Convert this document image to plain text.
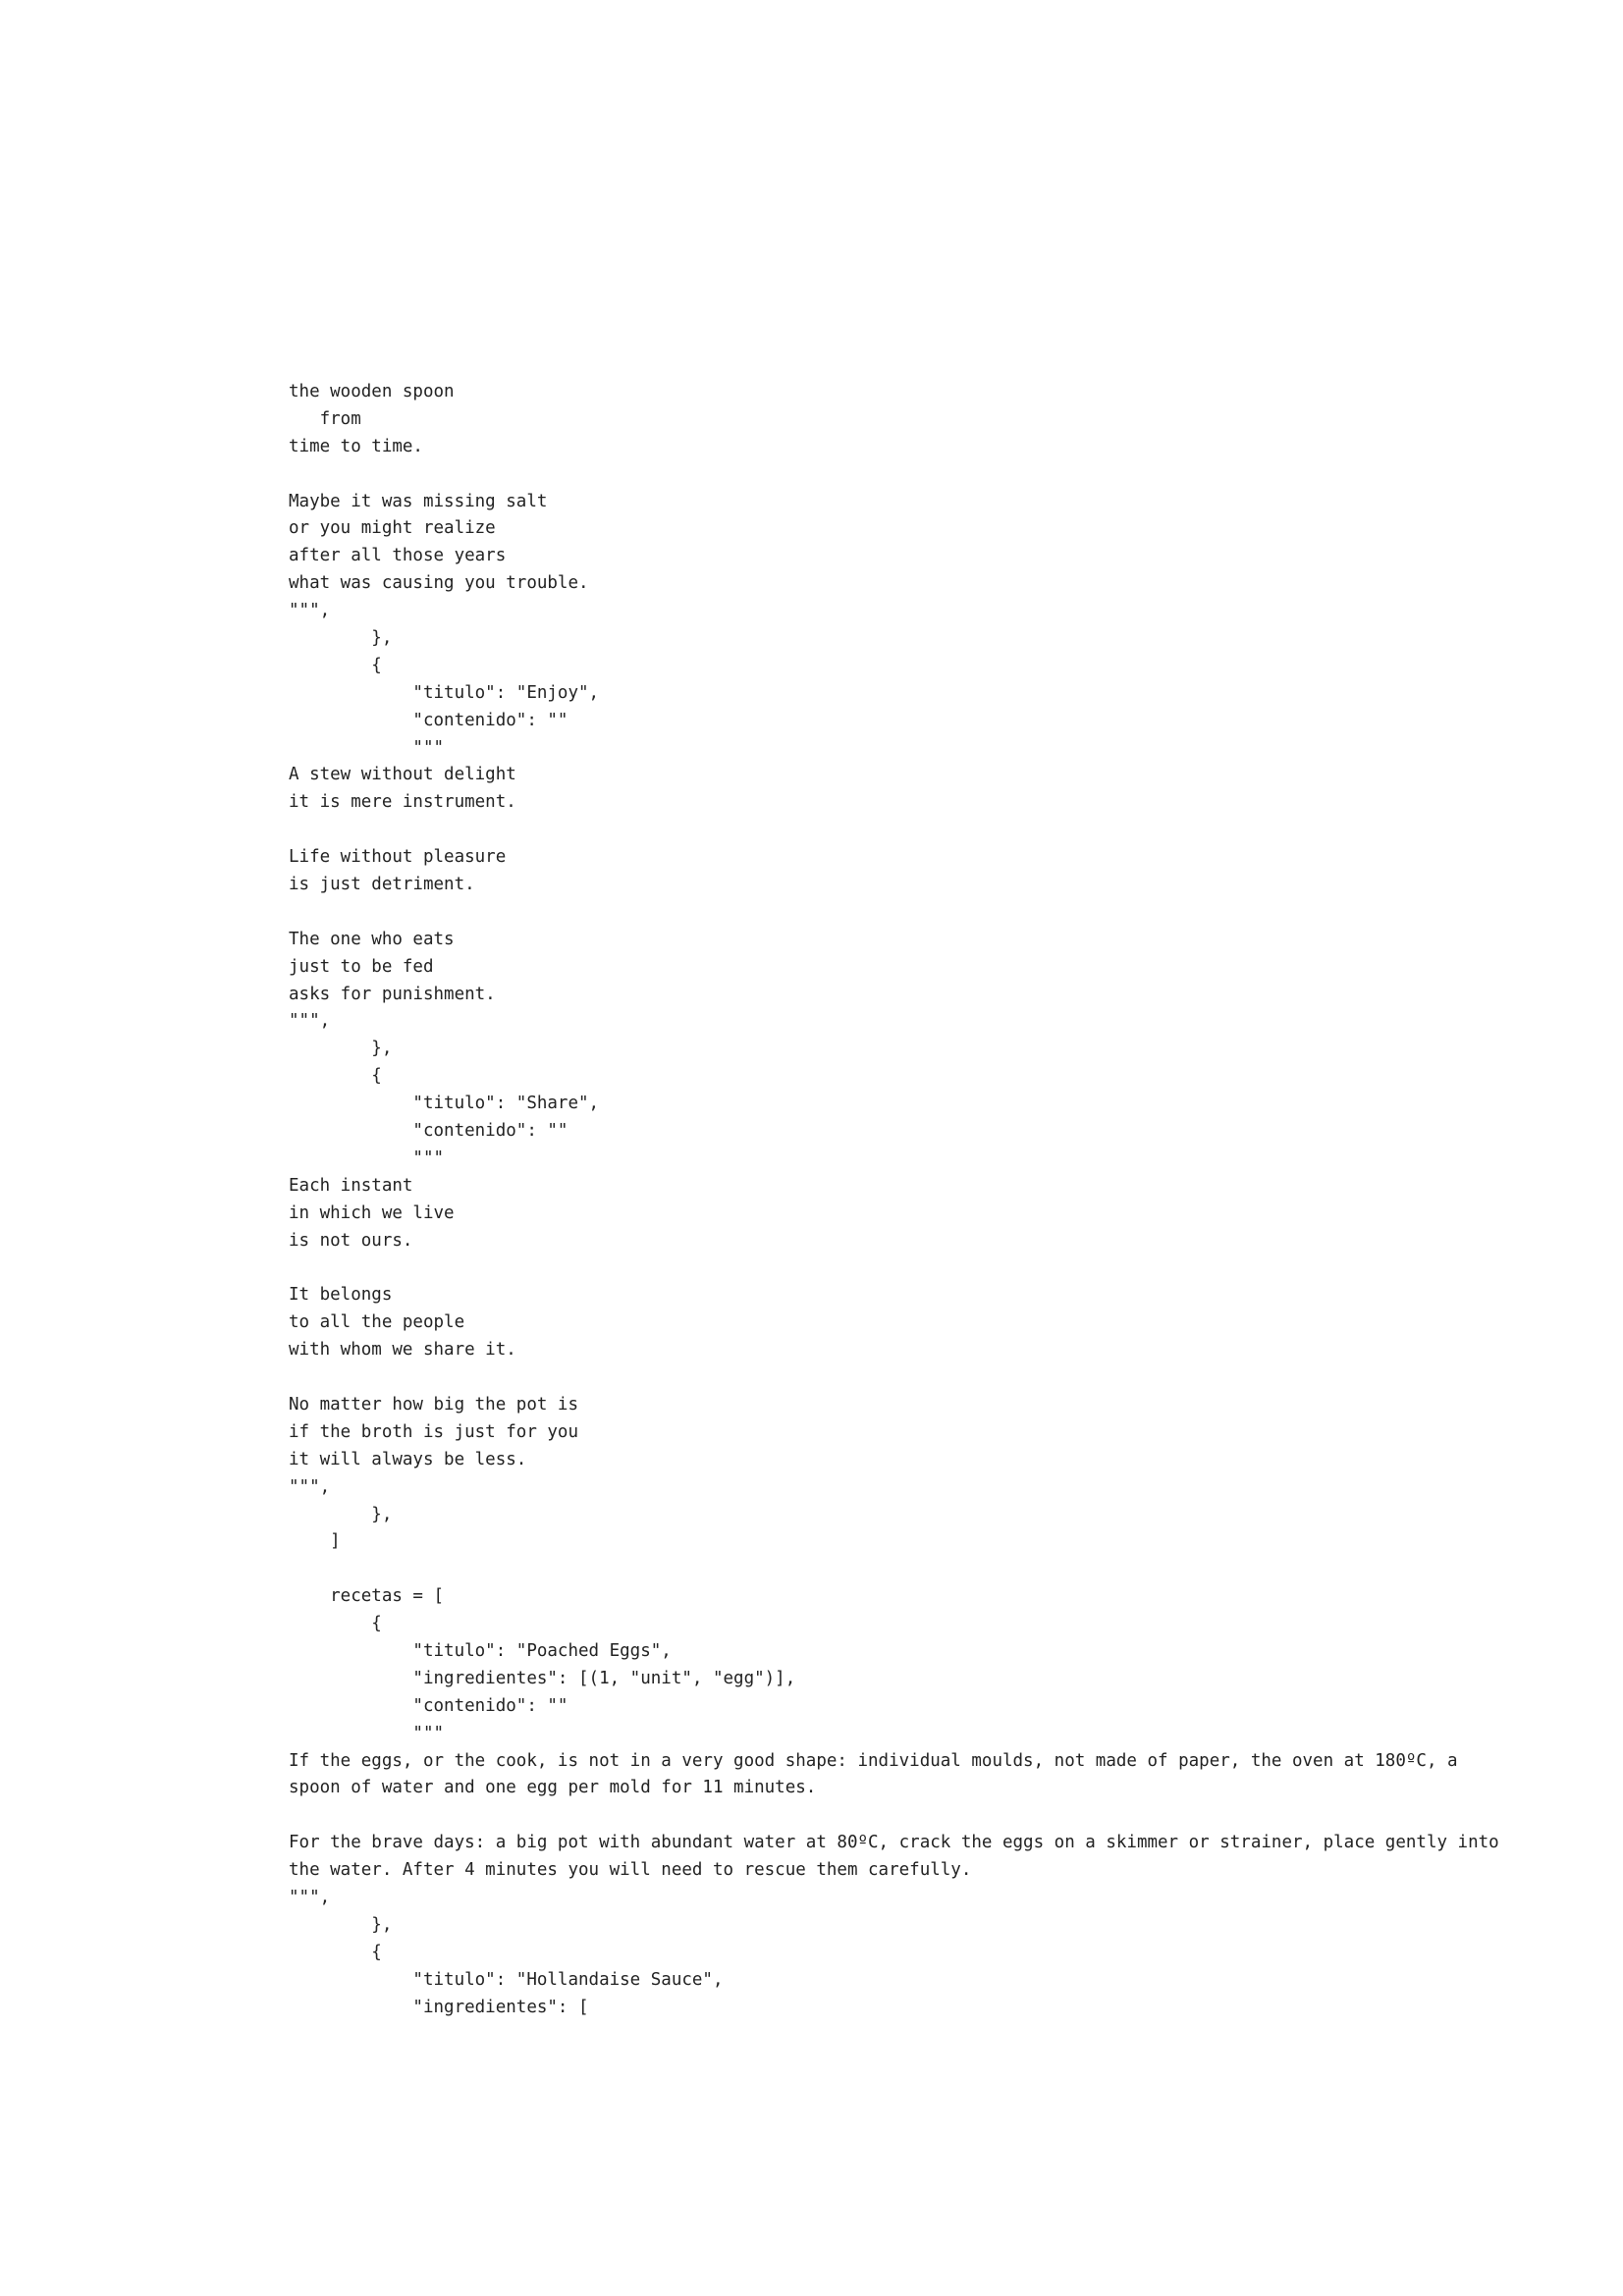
the wooden spoon
from
time to time.
Maybe it was missing salt
or you might realize
after all those years
what was causing you trouble.
""",
},
{
"titulo": "Enjoy",
"contenido": ""
"""
A stew without delight
it is mere instrument.
Life without pleasure
is just detriment.
The one who eats
just to be fed
asks for punishment.
""",
},
{
"titulo": "Share",
"contenido": ""
"""
Each instant
in which we live
is not ours.
It belongs
to all the people
with whom we share it.
No matter how big the pot is
if the broth is just for you
it will always be less.
""",
},
]
recetas = [
{
"titulo": "Poached Eggs",
"ingredientes": [(1, "unit", "egg")],
"contenido": ""
"""
If the eggs, or the cook, is not in a very good shape: individual moulds, not made of paper, the oven at 180ºC, a
spoon of water and one egg per mold for 11 minutes.
For the brave days: a big pot with abundant water at 80ºC, crack the eggs on a skimmer or strainer, place gently into
the water. After 4 minutes you will need to rescue them carefully.
""",
},
{
"titulo": "Hollandaise Sauce",
"ingredientes": [
